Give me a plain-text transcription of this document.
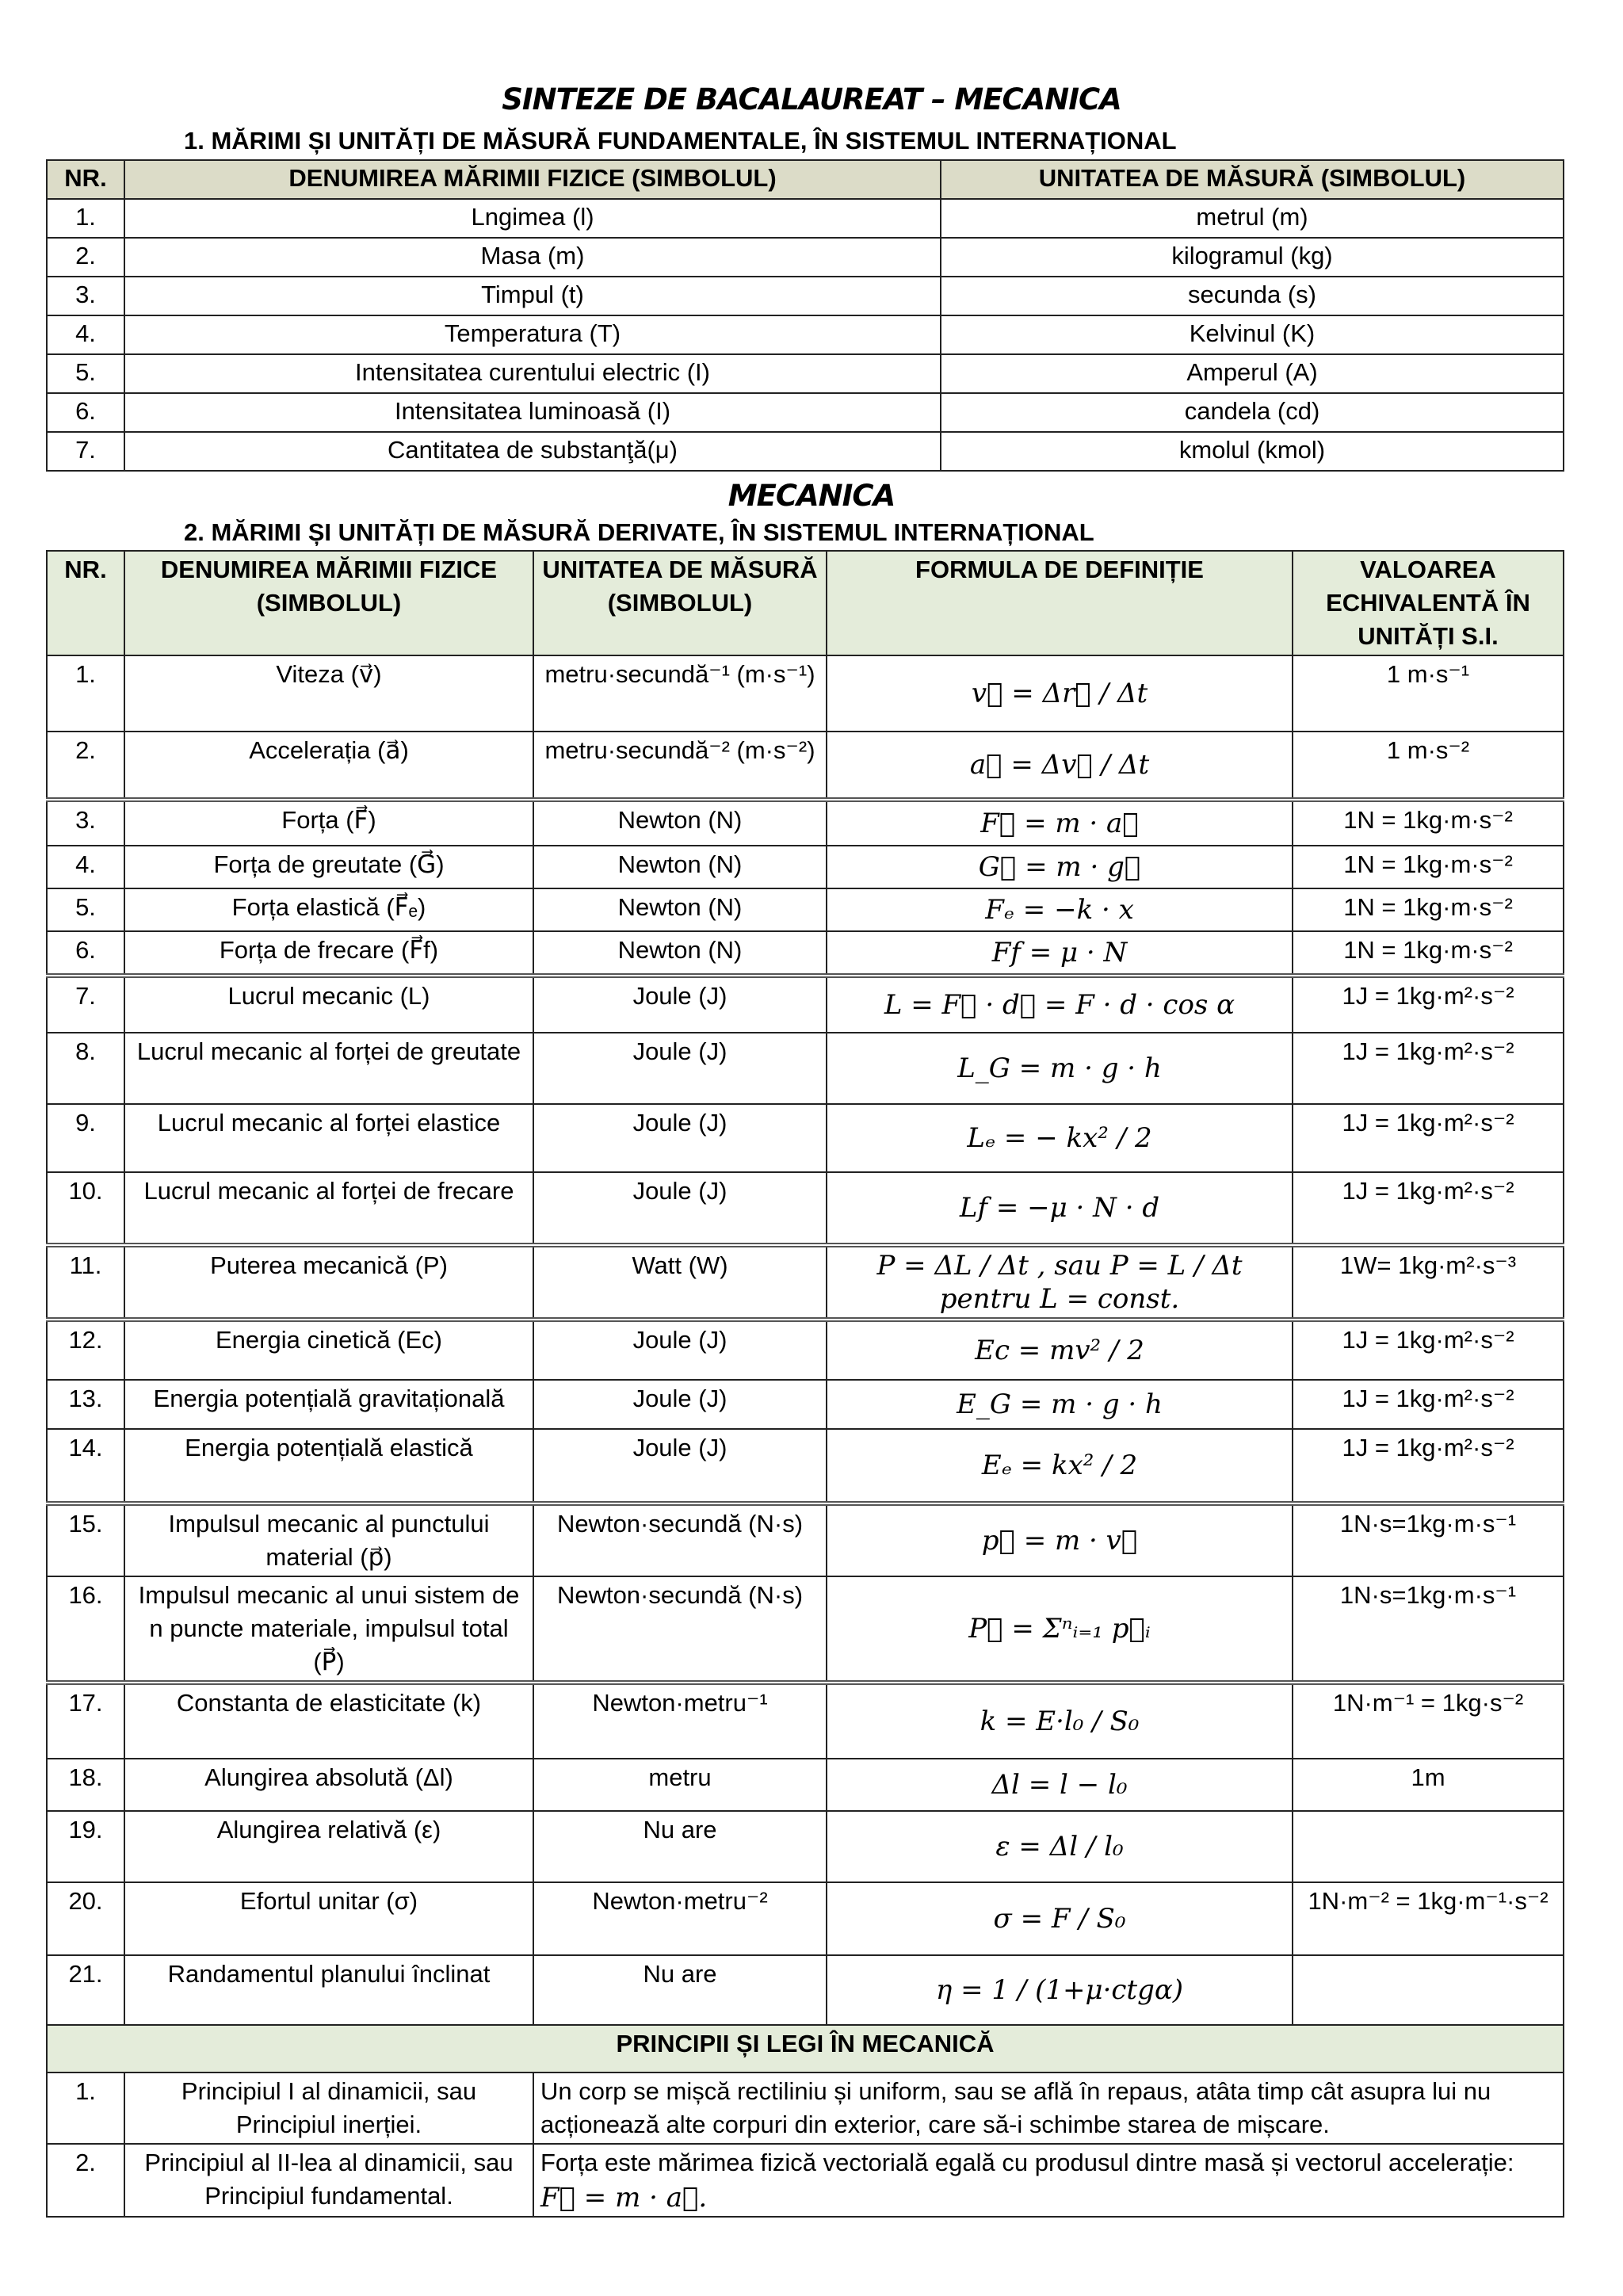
SINTEZE DE BACALAUREAT – MECANICA
1. MĂRIMI ȘI UNITĂȚI DE MĂSURĂ FUNDAMENTALE, ÎN SISTEMUL INTERNAȚIONAL
NR.	DENUMIREA MĂRIMII FIZICE (SIMBOLUL)	UNITATEA DE MĂSURĂ (SIMBOLUL)
1.	Lngimea (l)	metrul (m)
2.	Masa (m)	kilogramul (kg)
3.	Timpul (t)	secunda (s)
4.	Temperatura (T)	Kelvinul (K)
5.	Intensitatea curentului electric (I)	Amperul (A)
6.	Intensitatea luminoasă (I)	candela (cd)
7.	Cantitatea de substanţă(μ)	kmolul (kmol)
MECANICA
2. MĂRIMI ȘI UNITĂȚI DE MĂSURĂ DERIVATE, ÎN SISTEMUL INTERNAȚIONAL
NR.	DENUMIREA MĂRIMII FIZICE (SIMBOLUL)	UNITATEA DE MĂSURĂ (SIMBOLUL)	FORMULA DE DEFINIȚIE	VALOAREA ECHIVALENTĂ ÎN UNITĂȚI S.I.
1.	Viteza (v⃗)	metru·secundă⁻¹ (m·s⁻¹)	v⃗ = Δr⃗ / Δt	1 m·s⁻¹
2.	Accelerația (a⃗)	metru·secundă⁻² (m·s⁻²)	a⃗ = Δv⃗ / Δt	1 m·s⁻²
3.	Forța (F⃗)	Newton (N)	F⃗ = m · a⃗	1N = 1kg·m·s⁻²
4.	Forța de greutate (G⃗)	Newton (N)	G⃗ = m · g⃗	1N = 1kg·m·s⁻²
5.	Forța elastică (F⃗ₑ)	Newton (N)	Fₑ = −k · x	1N = 1kg·m·s⁻²
6.	Forța de frecare (F⃗f)	Newton (N)	Ff = μ · N	1N = 1kg·m·s⁻²
7.	Lucrul mecanic (L)	Joule (J)	L = F⃗ · d⃗ = F · d · cos α	1J = 1kg·m²·s⁻²
8.	Lucrul mecanic al forței de greutate	Joule (J)	L_G = m · g · h	1J = 1kg·m²·s⁻²
9.	Lucrul mecanic al forței elastice	Joule (J)	Lₑ = − kx² / 2	1J = 1kg·m²·s⁻²
10.	Lucrul mecanic al forței de frecare	Joule (J)	Lf = −μ · N · d	1J = 1kg·m²·s⁻²
11.	Puterea mecanică (P)	Watt (W)	P = ΔL / Δt , sau P = L / Δt pentru L = const.	1W= 1kg·m²·s⁻³
12.	Energia cinetică (Ec)	Joule (J)	Ec = mv² / 2	1J = 1kg·m²·s⁻²
13.	Energia potențială gravitațională	Joule (J)	E_G = m · g · h	1J = 1kg·m²·s⁻²
14.	Energia potențială elastică	Joule (J)	Eₑ = kx² / 2	1J = 1kg·m²·s⁻²
15.	Impulsul mecanic al punctului material (p⃗)	Newton·secundă (N·s)	p⃗ = m · v⃗	1N·s=1kg·m·s⁻¹
16.	Impulsul mecanic al unui sistem de n puncte materiale, impulsul total (P⃗)	Newton·secundă (N·s)	P⃗ = Σⁿᵢ₌₁ p⃗ᵢ	1N·s=1kg·m·s⁻¹
17.	Constanta de elasticitate (k)	Newton·metru⁻¹	k = E·l₀ / S₀	1N·m⁻¹ = 1kg·s⁻²
18.	Alungirea absolută (Δl)	metru	Δl = l − l₀	1m
19.	Alungirea relativă (ε)	Nu are	ε = Δl / l₀	
20.	Efortul unitar (σ)	Newton·metru⁻²	σ = F / S₀	1N·m⁻² = 1kg·m⁻¹·s⁻²
21.	Randamentul planului înclinat	Nu are	η = 1 / (1+μ·ctgα)	
PRINCIPII ȘI LEGI ÎN MECANICĂ				
1.	Principiul I al dinamicii, sau Principiul inerției.	Un corp se mișcă rectiliniu și uniform, sau se află în repaus, atâta timp cât asupra lui nu acționează alte corpuri din exterior, care să-i schimbe starea de mișcare.		
2.	Principiul al II-lea al dinamicii, sau Principiul fundamental.	Forța este mărimea fizică vectorială egală cu produsul dintre masă și vectorul accelerație:
F⃗ = m · a⃗.		
